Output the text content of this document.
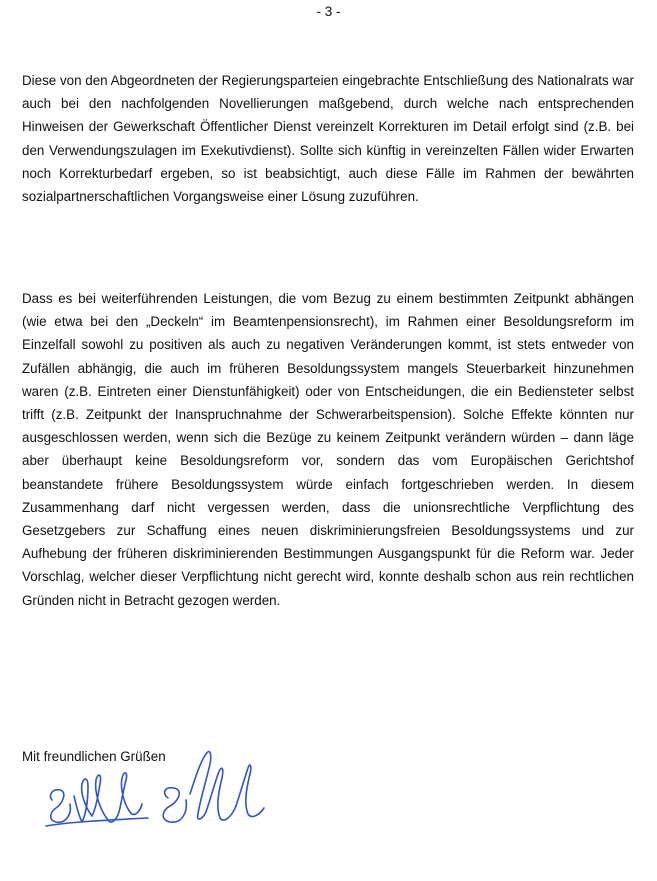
- 3 -

Diese von den Abgeordneten der Regierungsparteien eingebrachte Entschließung des Nationalrats war auch bei den nachfolgenden Novellierungen maßgebend, durch welche nach entsprechenden Hinweisen der Gewerkschaft Öffentlicher Dienst vereinzelt Korrekturen im Detail erfolgt sind (z.B. bei den Verwendungszulagen im Exekutivdienst). Sollte sich künftig in vereinzelten Fällen wider Erwarten noch Korrekturbedarf ergeben, so ist beabsichtigt, auch diese Fälle im Rahmen der bewährten sozialpartnerschaftlichen Vorgangsweise einer Lösung zuzuführen.

Dass es bei weiterführenden Leistungen, die vom Bezug zu einem bestimmten Zeitpunkt abhängen (wie etwa bei den „Deckeln“ im Beamtenpensionsrecht), im Rahmen einer Besoldungsreform im Einzelfall sowohl zu positiven als auch zu negativen Veränderungen kommt, ist stets entweder von Zufällen abhängig, die auch im früheren Besoldungssystem mangels Steuerbarkeit hinzunehmen waren (z.B. Eintreten einer Dienstunfähigkeit) oder von Entscheidungen, die ein Bediensteter selbst trifft (z.B. Zeitpunkt der Inanspruchnahme der Schwerarbeitspension). Solche Effekte könnten nur ausgeschlossen werden, wenn sich die Bezüge zu keinem Zeitpunkt verändern würden – dann läge aber überhaupt keine Besoldungsreform vor, sondern das vom Europäischen Gerichtshof beanstandete frühere Besoldungssystem würde einfach fortgeschrieben werden. In diesem Zusammenhang darf nicht vergessen werden, dass die unionsrechtliche Verpflichtung des Gesetzgebers zur Schaffung eines neuen diskriminierungsfreien Besoldungssystems und zur Aufhebung der früheren diskriminierenden Bestimmungen Ausgangspunkt für die Reform war. Jeder Vorschlag, welcher dieser Verpflichtung nicht gerecht wird, konnte deshalb schon aus rein rechtlichen Gründen nicht in Betracht gezogen werden.

Mit freundlichen Grüßen
